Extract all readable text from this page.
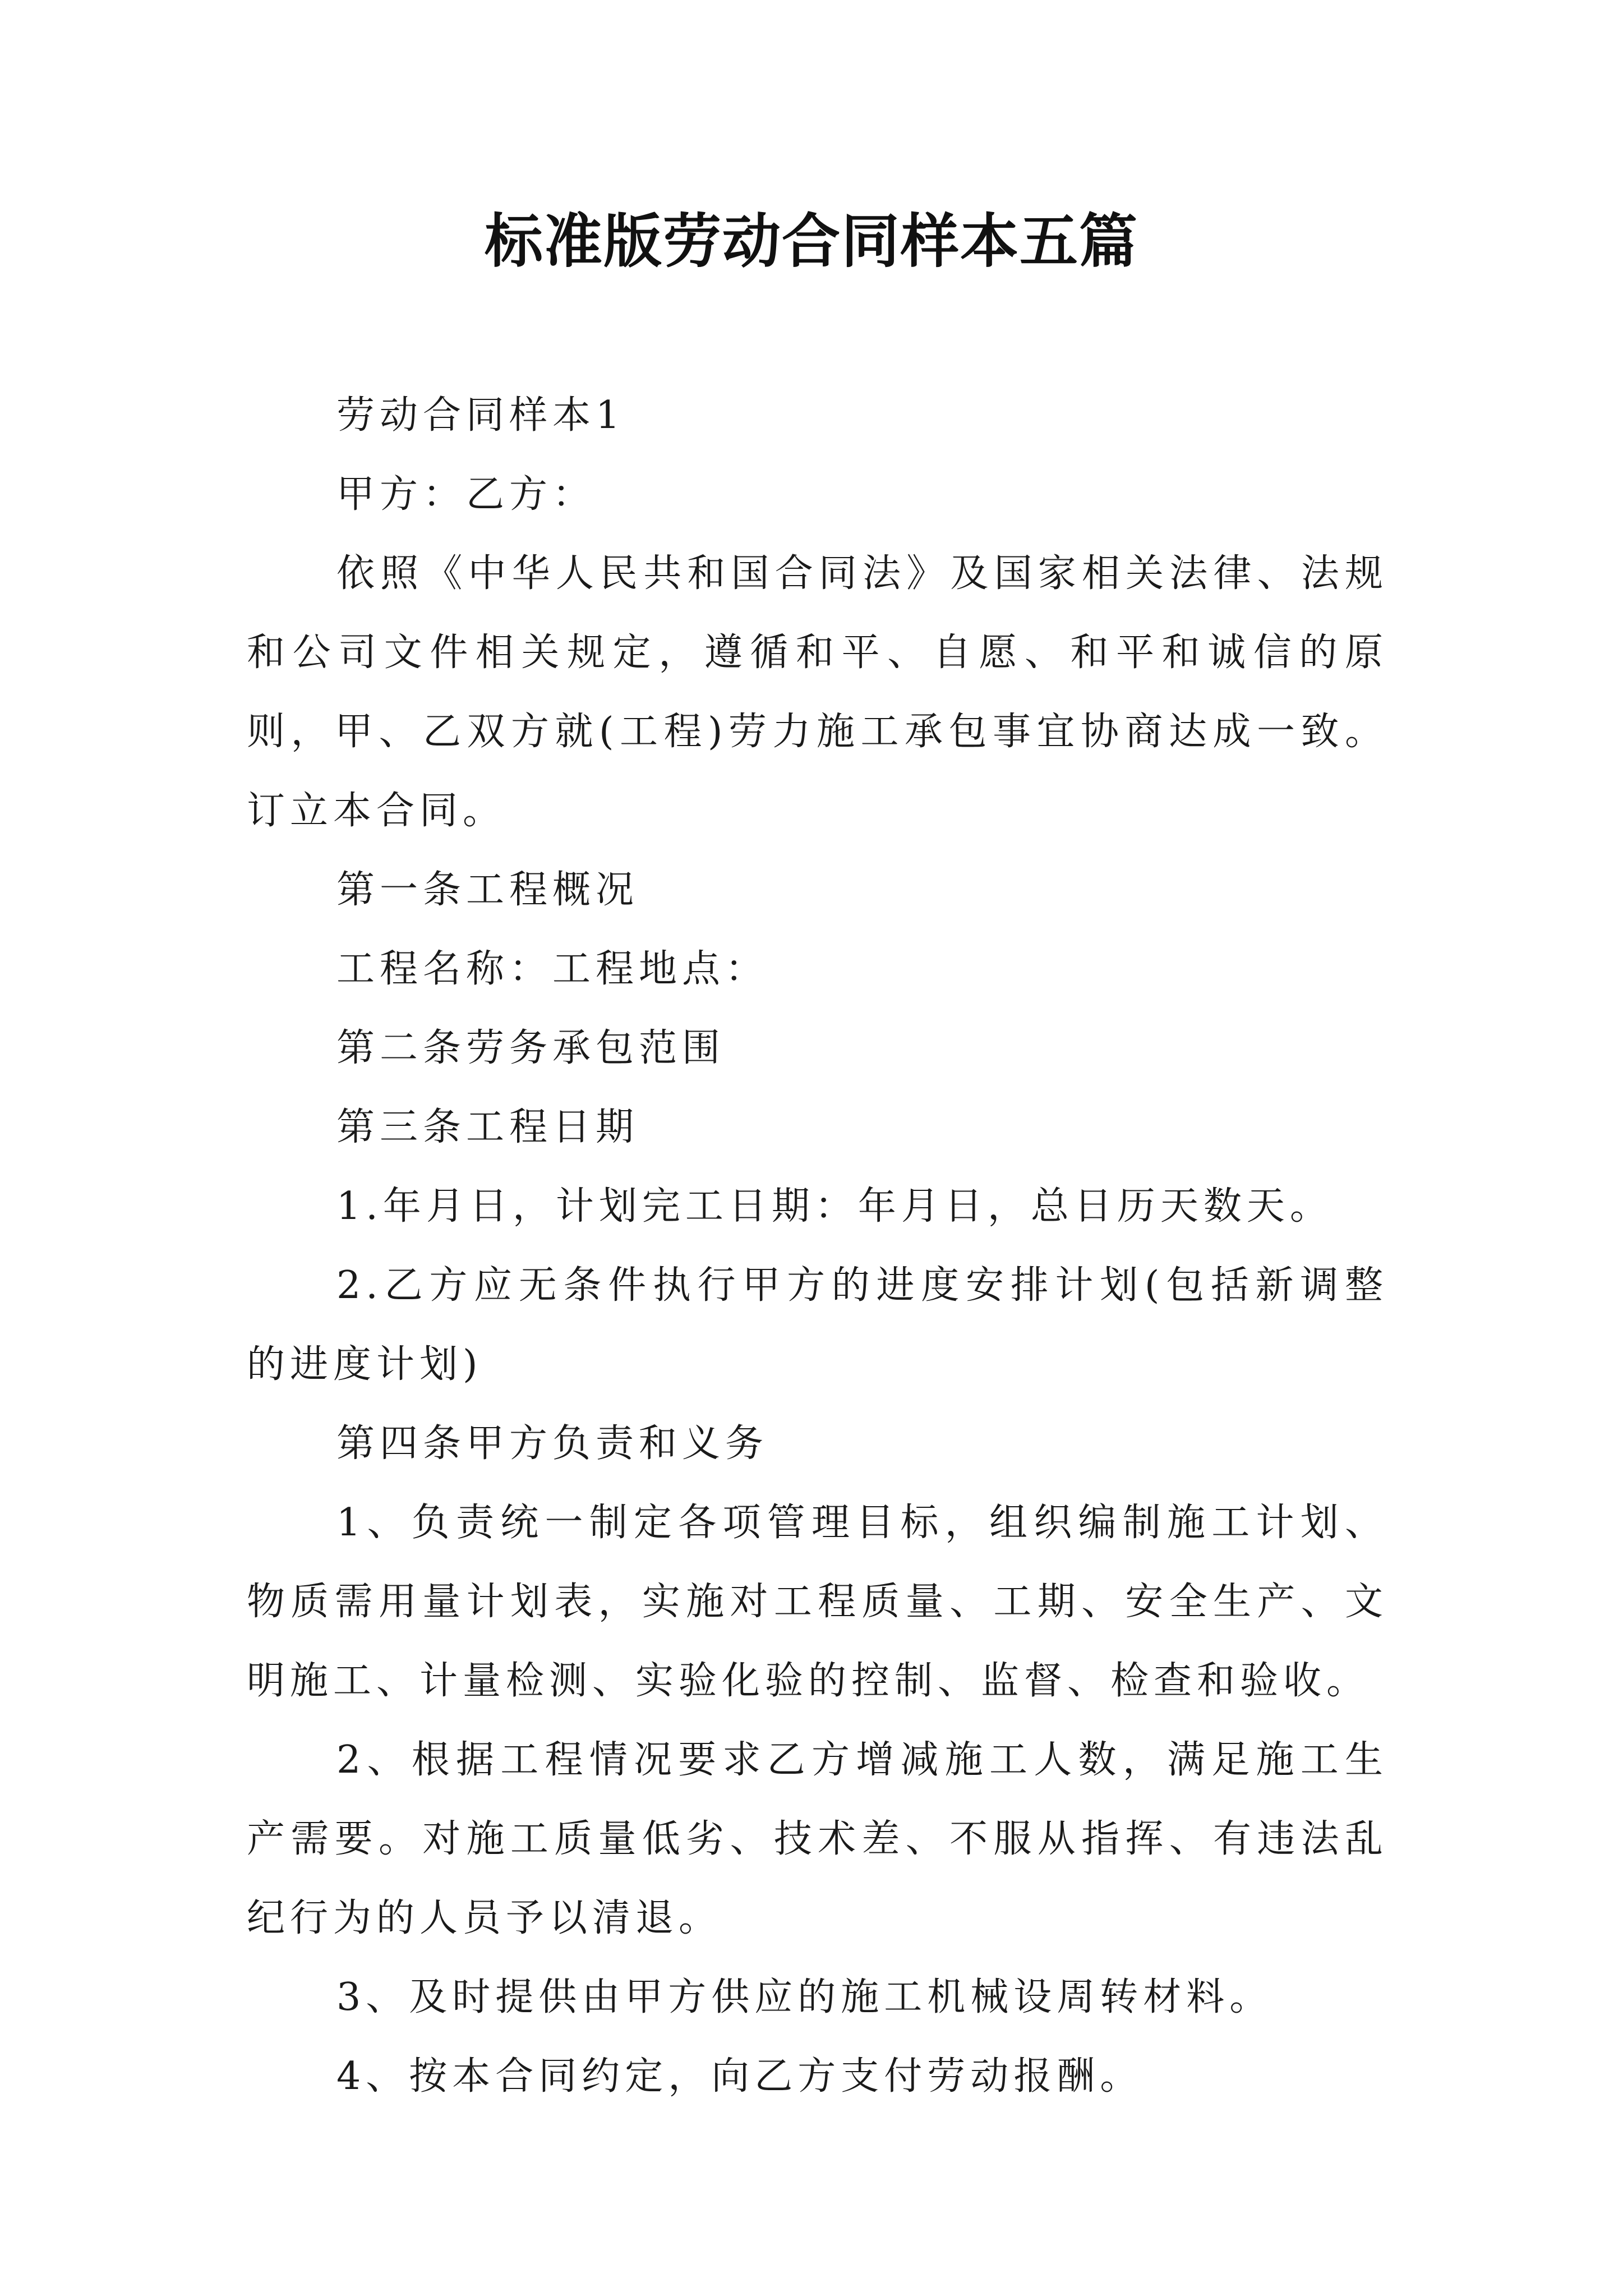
标准版劳动合同样本五篇

劳动合同样本1

甲方：乙方：

依照《中华人民共和国合同法》及国家相关法律、法规和公司文件相关规定，遵循和平、自愿、和平和诚信的原则，甲、乙双方就(工程)劳力施工承包事宜协商达成一致。订立本合同。

第一条工程概况

工程名称：工程地点：

第二条劳务承包范围

第三条工程日期

1.年月日，计划完工日期：年月日，总日历天数天。

2.乙方应无条件执行甲方的进度安排计划(包括新调整的进度计划)

第四条甲方负责和义务

1、负责统一制定各项管理目标，组织编制施工计划、物质需用量计划表，实施对工程质量、工期、安全生产、文明施工、计量检测、实验化验的控制、监督、检查和验收。

2、根据工程情况要求乙方增减施工人数，满足施工生产需要。对施工质量低劣、技术差、不服从指挥、有违法乱纪行为的人员予以清退。

3、及时提供由甲方供应的施工机械设周转材料。

4、按本合同约定，向乙方支付劳动报酬。
